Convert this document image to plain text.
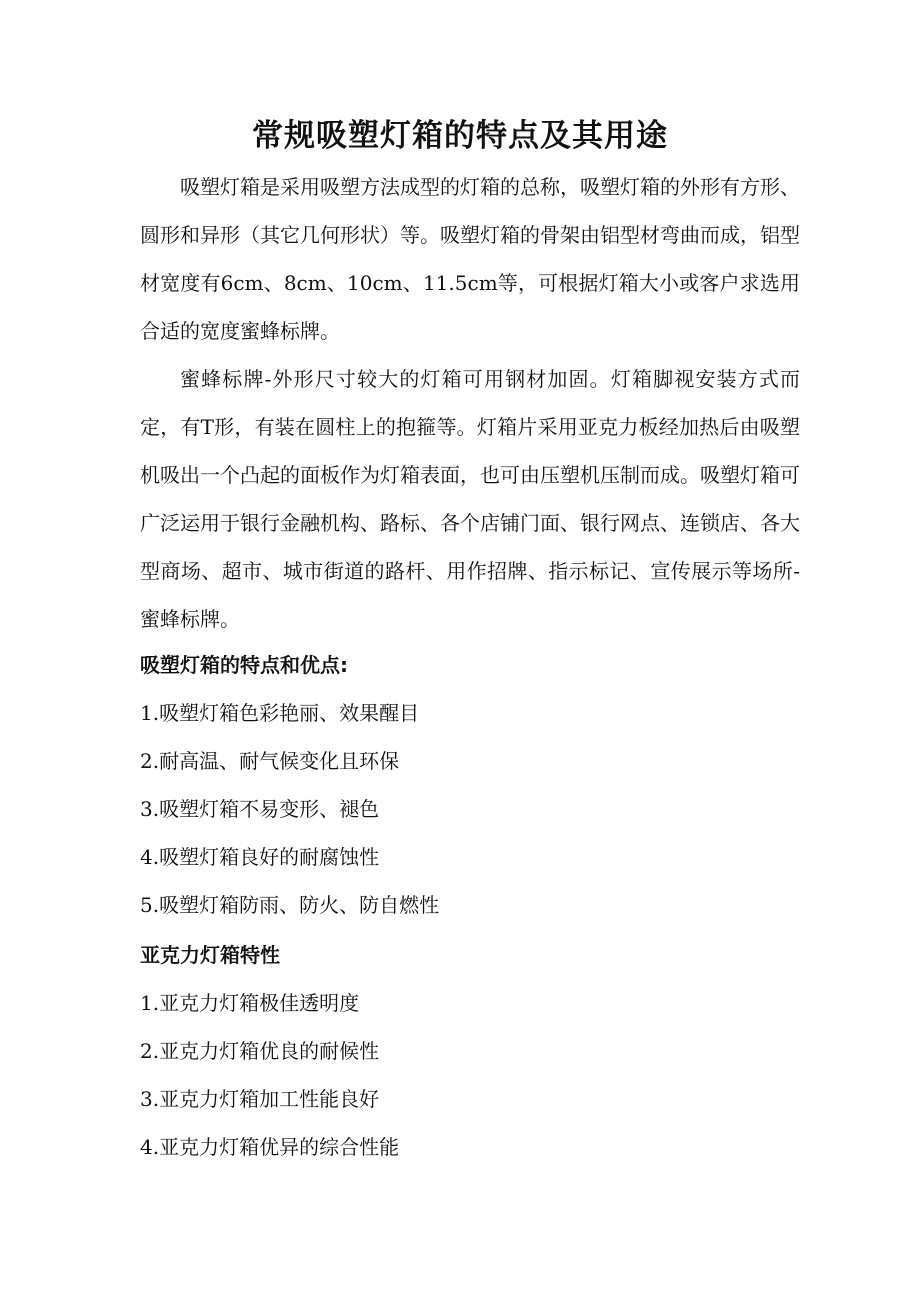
常规吸塑灯箱的特点及其用途

吸塑灯箱是采用吸塑方法成型的灯箱的总称，吸塑灯箱的外形有方形、圆形和异形（其它几何形状）等。吸塑灯箱的骨架由铝型材弯曲而成，铝型材宽度有6cm、8cm、10cm、11.5cm等，可根据灯箱大小或客户求选用合适的宽度蜜蜂标牌。

蜜蜂标牌-外形尺寸较大的灯箱可用钢材加固。灯箱脚视安装方式而定，有T形，有装在圆柱上的抱箍等。灯箱片采用亚克力板经加热后由吸塑机吸出一个凸起的面板作为灯箱表面，也可由压塑机压制而成。吸塑灯箱可广泛运用于银行金融机构、路标、各个店铺门面、银行网点、连锁店、各大型商场、超市、城市街道的路杆、用作招牌、指示标记、宣传展示等场所-蜜蜂标牌。

吸塑灯箱的特点和优点:
1.吸塑灯箱色彩艳丽、效果醒目
2.耐高温、耐气候变化且环保
3.吸塑灯箱不易变形、褪色
4.吸塑灯箱良好的耐腐蚀性
5.吸塑灯箱防雨、防火、防自燃性
亚克力灯箱特性
1.亚克力灯箱极佳透明度
2.亚克力灯箱优良的耐候性
3.亚克力灯箱加工性能良好
4.亚克力灯箱优异的综合性能
